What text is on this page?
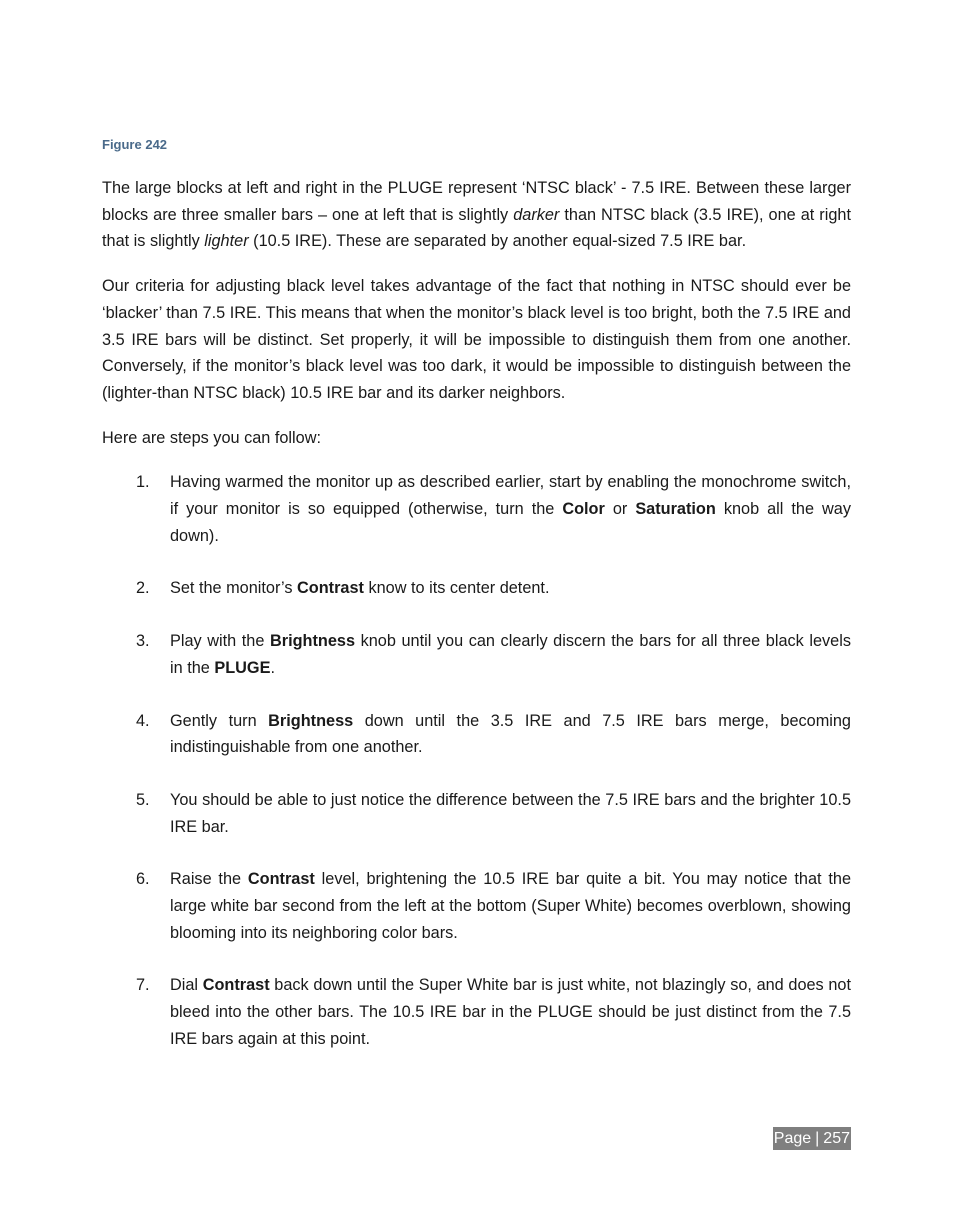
Figure 242

The large blocks at left and right in the PLUGE represent ‘NTSC black’ - 7.5 IRE. Between these larger blocks are three smaller bars – one at left that is slightly darker than NTSC black (3.5 IRE), one at right that is slightly lighter (10.5 IRE). These are separated by another equal-sized 7.5 IRE bar.

Our criteria for adjusting black level takes advantage of the fact that nothing in NTSC should ever be ‘blacker’ than 7.5 IRE. This means that when the monitor’s black level is too bright, both the 7.5 IRE and 3.5 IRE bars will be distinct. Set properly, it will be impossible to distinguish them from one another. Conversely, if the monitor’s black level was too dark, it would be impossible to distinguish between the (lighter-than NTSC black) 10.5 IRE bar and its darker neighbors.

Here are steps you can follow:

1. Having warmed the monitor up as described earlier, start by enabling the monochrome switch, if your monitor is so equipped (otherwise, turn the Color or Saturation knob all the way down).
2. Set the monitor’s Contrast know to its center detent.
3. Play with the Brightness knob until you can clearly discern the bars for all three black levels in the PLUGE.
4. Gently turn Brightness down until the 3.5 IRE and 7.5 IRE bars merge, becoming indistinguishable from one another.
5. You should be able to just notice the difference between the 7.5 IRE bars and the brighter 10.5 IRE bar.
6. Raise the Contrast level, brightening the 10.5 IRE bar quite a bit. You may notice that the large white bar second from the left at the bottom (Super White) becomes overblown, showing blooming into its neighboring color bars.
7. Dial Contrast back down until the Super White bar is just white, not blazingly so, and does not bleed into the other bars. The 10.5 IRE bar in the PLUGE should be just distinct from the 7.5 IRE bars again at this point.
Page | 257
